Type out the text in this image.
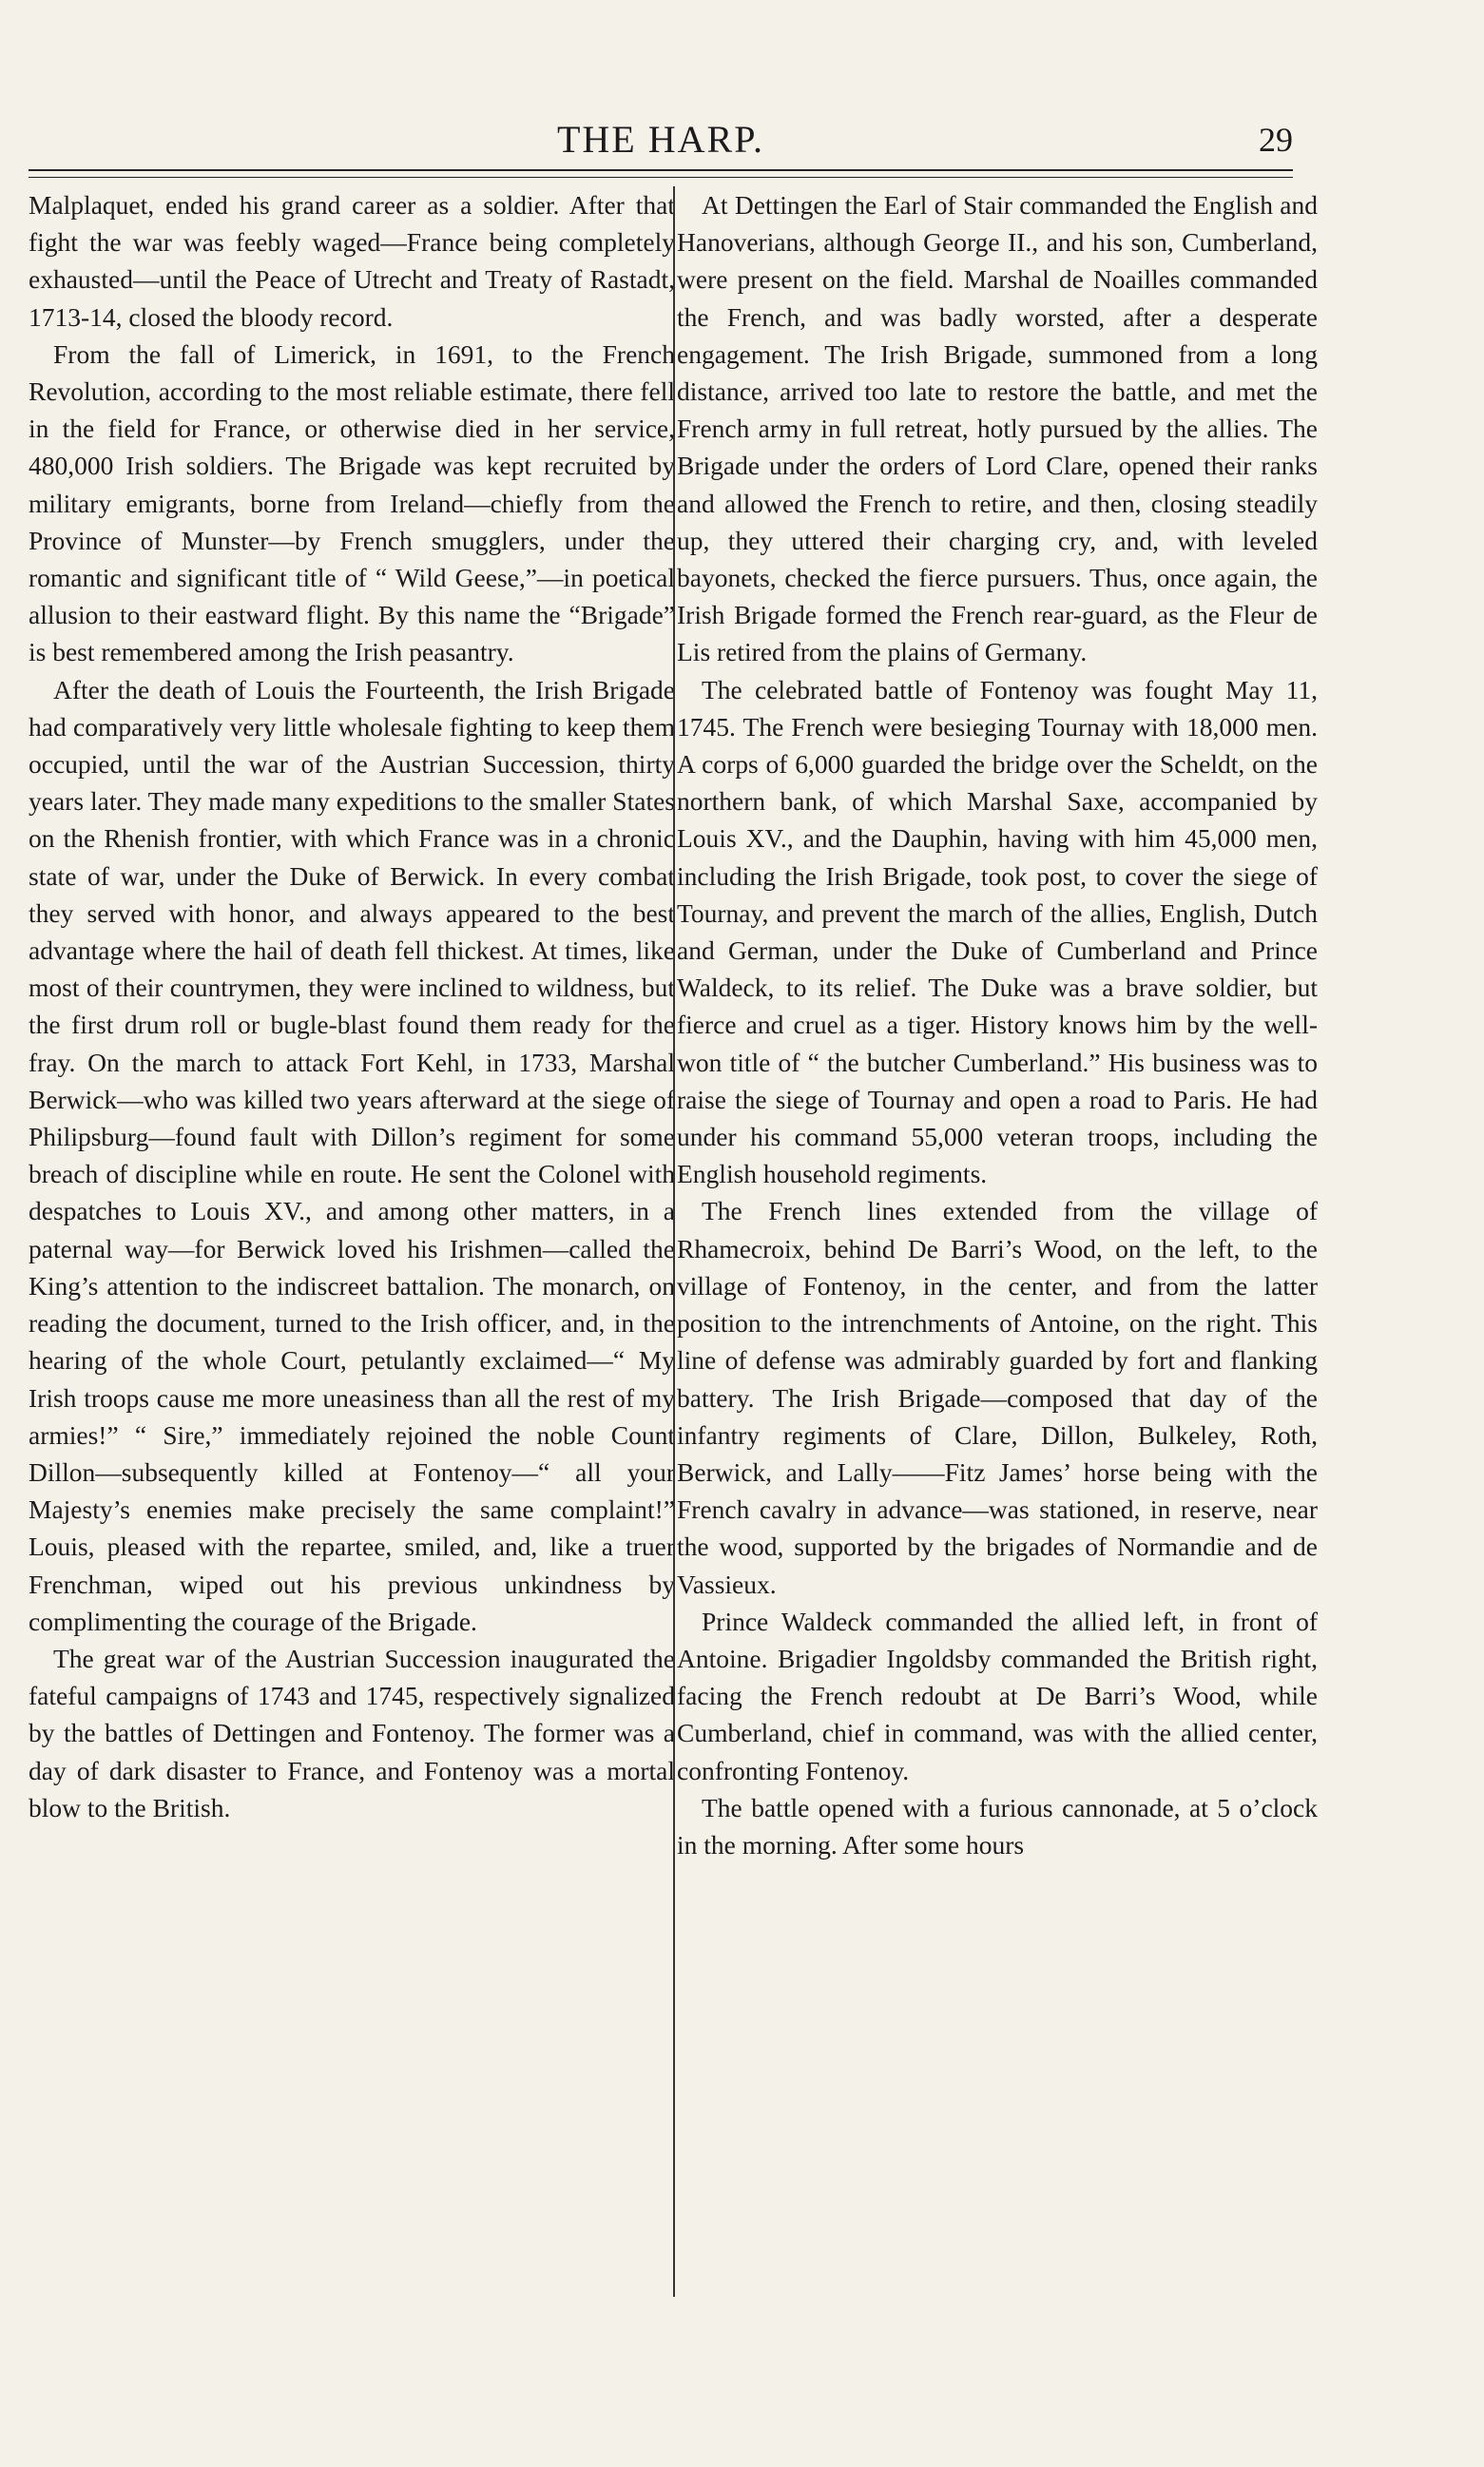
THE HARP.	29

Malplaquet, ended his grand career as a soldier. After that fight the war was feebly waged—France being completely exhausted—until the Peace of Utrecht and Treaty of Rastadt, 1713-14, closed the bloody record.

From the fall of Limerick, in 1691, to the French Revolution, according to the most reliable estimate, there fell in the field for France, or otherwise died in her service, 480,000 Irish soldiers. The Brigade was kept recruited by military emigrants, borne from Ireland—chiefly from the Province of Munster—by French smugglers, under the romantic and significant title of “ Wild Geese,”—in poetical allusion to their eastward flight. By this name the “Brigade” is best remembered among the Irish peasantry.

After the death of Louis the Fourteenth, the Irish Brigade had comparatively very little wholesale fighting to keep them occupied, until the war of the Austrian Succession, thirty years later. They made many expeditions to the smaller States on the Rhenish frontier, with which France was in a chronic state of war, under the Duke of Berwick. In every combat they served with honor, and always appeared to the best advantage where the hail of death fell thickest. At times, like most of their countrymen, they were inclined to wildness, but the first drum roll or bugle-blast found them ready for the fray. On the march to attack Fort Kehl, in 1733, Marshal Berwick—who was killed two years afterward at the siege of Philipsburg—found fault with Dillon’s regiment for some breach of discipline while en route. He sent the Colonel with despatches to Louis XV., and among other matters, in a paternal way—for Berwick loved his Irishmen—called the King’s attention to the indiscreet battalion. The monarch, on reading the document, turned to the Irish officer, and, in the hearing of the whole Court, petulantly exclaimed—“ My Irish troops cause me more uneasiness than all the rest of my armies!” “ Sire,” immediately rejoined the noble Count Dillon—subsequently killed at Fontenoy—“ all your Majesty’s enemies make precisely the same complaint!” Louis, pleased with the repartee, smiled, and, like a truer Frenchman, wiped out his previous unkindness by complimenting the courage of the Brigade.

The great war of the Austrian Succession inaugurated the fateful campaigns of 1743 and 1745, respectively signalized by the battles of Dettingen and Fontenoy. The former was a day of dark disaster to France, and Fontenoy was a mortal blow to the British.

At Dettingen the Earl of Stair commanded the English and Hanoverians, although George II., and his son, Cumberland, were present on the field. Marshal de Noailles commanded the French, and was badly worsted, after a desperate engagement. The Irish Brigade, summoned from a long distance, arrived too late to restore the battle, and met the French army in full retreat, hotly pursued by the allies. The Brigade under the orders of Lord Clare, opened their ranks and allowed the French to retire, and then, closing steadily up, they uttered their charging cry, and, with leveled bayonets, checked the fierce pursuers. Thus, once again, the Irish Brigade formed the French rear-guard, as the Fleur de Lis retired from the plains of Germany.

The celebrated battle of Fontenoy was fought May 11, 1745. The French were besieging Tournay with 18,000 men. A corps of 6,000 guarded the bridge over the Scheldt, on the northern bank, of which Marshal Saxe, accompanied by Louis XV., and the Dauphin, having with him 45,000 men, including the Irish Brigade, took post, to cover the siege of Tournay, and prevent the march of the allies, English, Dutch and German, under the Duke of Cumberland and Prince Waldeck, to its relief. The Duke was a brave soldier, but fierce and cruel as a tiger. History knows him by the well-won title of “ the butcher Cumberland.” His business was to raise the siege of Tournay and open a road to Paris. He had under his command 55,000 veteran troops, including the English household regiments.

The French lines extended from the village of Rhamecroix, behind De Barri’s Wood, on the left, to the village of Fontenoy, in the center, and from the latter position to the intrenchments of Antoine, on the right. This line of defense was admirably guarded by fort and flanking battery. The Irish Brigade—composed that day of the infantry regiments of Clare, Dillon, Bulkeley, Roth, Berwick, and Lally——Fitz James’ horse being with the French cavalry in advance—was stationed, in reserve, near the wood, supported by the brigades of Normandie and de Vassieux.

Prince Waldeck commanded the allied left, in front of Antoine. Brigadier Ingoldsby commanded the British right, facing the French redoubt at De Barri’s Wood, while Cumberland, chief in command, was with the allied center, confronting Fontenoy.

The battle opened with a furious cannonade, at 5 o’clock in the morning. After some hours
